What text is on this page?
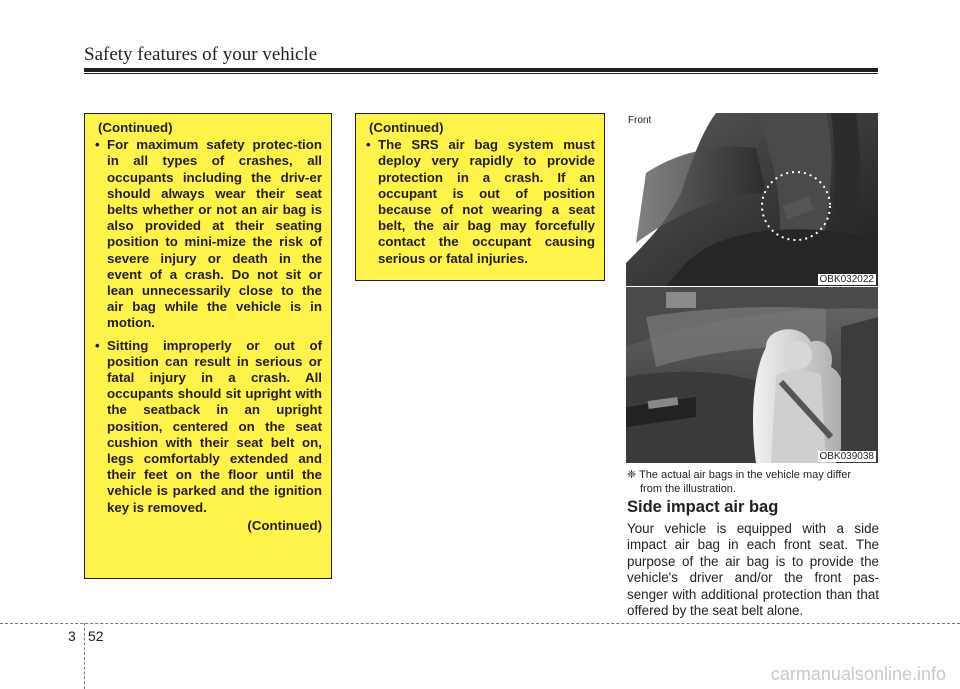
Safety features of your vehicle
(Continued)
• For maximum safety protec-tion in all types of crashes, all occupants including the driv-er should always wear their seat belts whether or not an air bag is also provided at their seating position to mini-mize the risk of severe injury or death in the event of a crash. Do not sit or lean unnecessarily close to the air bag while the vehicle is in motion.
• Sitting improperly or out of position can result in serious or fatal injury in a crash. All occupants should sit upright with the seatback in an upright position, centered on the seat cushion with their seat belt on, legs comfortably extended and their feet on the floor until the vehicle is parked and the ignition key is removed.
(Continued)
(Continued)
• The SRS air bag system must deploy very rapidly to provide protection in a crash. If an occupant is out of position because of not wearing a seat belt, the air bag may forcefully contact the occupant causing serious or fatal injuries.
Front
OBK032022
OBK039038
❈ The actual air bags in the vehicle may differ
from the illustration.
Side impact air bag
Your vehicle is equipped with a side impact air bag in each front seat. The purpose of the air bag is to provide the vehicle's driver and/or the front pas-senger with additional protection than that offered by the seat belt alone.
3 52
carmanualsonline.info
